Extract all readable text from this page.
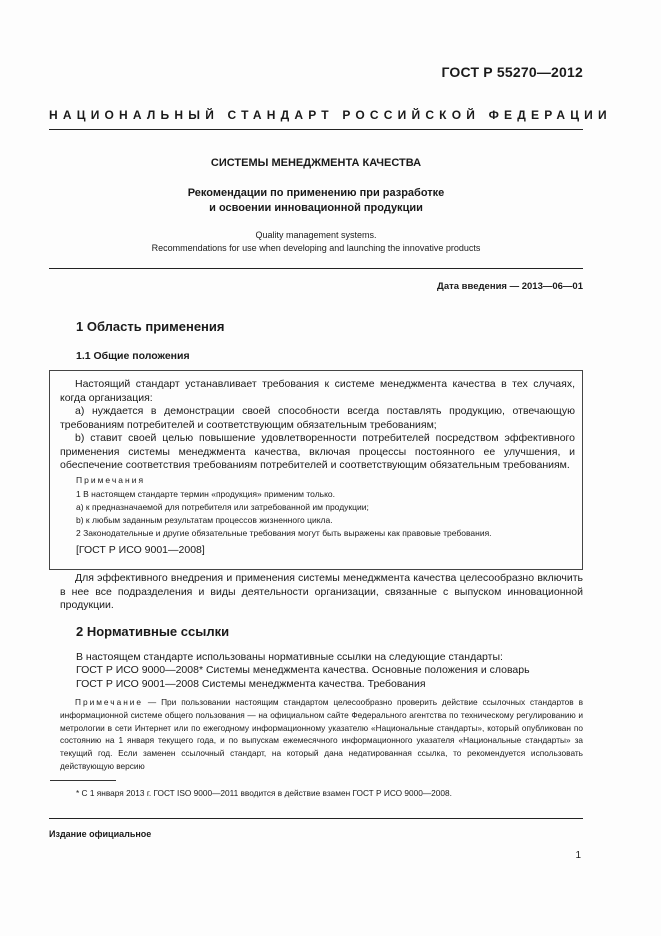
ГОСТ Р 55270—2012
НАЦИОНАЛЬНЫЙ СТАНДАРТ РОССИЙСКОЙ ФЕДЕРАЦИИ
СИСТЕМЫ МЕНЕДЖМЕНТА КАЧЕСТВА
Рекомендации по применению при разработке
и освоении инновационной продукции
Quality management systems.
Recommendations for use when developing and launching the innovative products
Дата введения — 2013—06—01
1 Область применения
1.1 Общие положения
Настоящий стандарт устанавливает требования к системе менеджмента качества в тех случаях, когда организация:
a) нуждается в демонстрации своей способности всегда поставлять продукцию, отвечающую требованиям потребителей и соответствующим обязательным требованиям;
b) ставит своей целью повышение удовлетворенности потребителей посредством эффективного применения системы менеджмента качества, включая процессы постоянного ее улучшения, и обеспечение соответствия требованиям потребителей и соответствующим обязательным требованиям.
Примечания
1 В настоящем стандарте термин «продукция» применим только.
a) к предназначаемой для потребителя или затребованной им продукции;
b) к любым заданным результатам процессов жизненного цикла.
2 Законодательные и другие обязательные требования могут быть выражены как правовые требования.
[ГОСТ Р ИСО 9001—2008]
Для эффективного внедрения и применения системы менеджмента качества целесообразно включить в нее все подразделения и виды деятельности организации, связанные с выпуском инновационной продукции.
2 Нормативные ссылки
В настоящем стандарте использованы нормативные ссылки на следующие стандарты:
ГОСТ Р ИСО 9000—2008* Системы менеджмента качества. Основные положения и словарь
ГОСТ Р ИСО 9001—2008 Системы менеджмента качества. Требования
Примечание — При пользовании настоящим стандартом целесообразно проверить действие ссылочных стандартов в информационной системе общего пользования — на официальном сайте Федерального агентства по техническому регулированию и метрологии в сети Интернет или по ежегодному информационному указателю «Национальные стандарты», который опубликован по состоянию на 1 января текущего года, и по выпускам ежемесячного информационного указателя «Национальные стандарты» за текущий год. Если заменен ссылочный стандарт, на который дана недатированная ссылка, то рекомендуется использовать действующую версию
* С 1 января 2013 г. ГОСТ ISO 9000—2011 вводится в действие взамен ГОСТ Р ИСО 9000—2008.
Издание официальное
1
